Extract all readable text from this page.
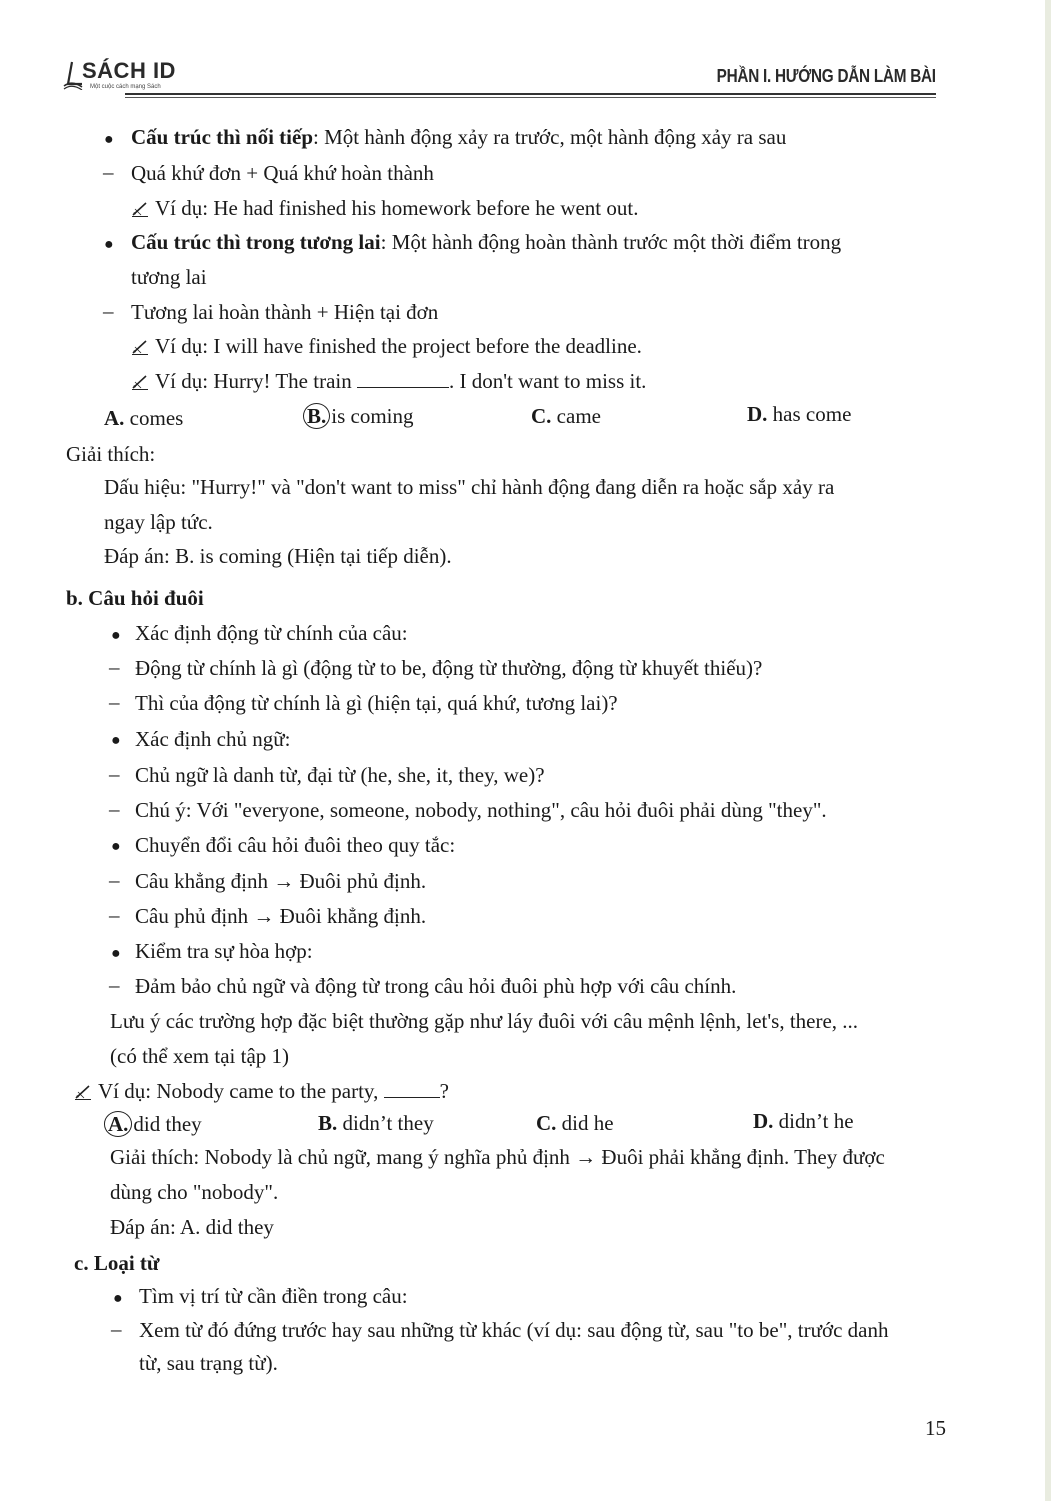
SÁCH ID
Một cuộc cách mạng Sách
PHẦN I. HƯỚNG DẪN LÀM BÀI
● Cấu trúc thì nối tiếp: Một hành động xảy ra trước, một hành động xảy ra sau
– Quá khứ đơn + Quá khứ hoàn thành
Ví dụ: He had finished his homework before he went out.
● Cấu trúc thì trong tương lai: Một hành động hoàn thành trước một thời điểm trong
tương lai
– Tương lai hoàn thành + Hiện tại đơn
Ví dụ: I will have finished the project before the deadline.
Ví dụ: Hurry! The train	. I don't want to miss it.
A. comes	B. is coming	C. came	D. has come
Giải thích:
Dấu hiệu: "Hurry!" và "don't want to miss" chỉ hành động đang diễn ra hoặc sắp xảy ra
ngay lập tức.
Đáp án: B. is coming (Hiện tại tiếp diễn).
b. Câu hỏi đuôi
● Xác định động từ chính của câu:
– Động từ chính là gì (động từ to be, động từ thường, động từ khuyết thiếu)?
– Thì của động từ chính là gì (hiện tại, quá khứ, tương lai)?
● Xác định chủ ngữ:
– Chủ ngữ là danh từ, đại từ (he, she, it, they, we)?
– Chú ý: Với "everyone, someone, nobody, nothing", câu hỏi đuôi phải dùng "they".
● Chuyển đổi câu hỏi đuôi theo quy tắc:
– Câu khẳng định → Đuôi phủ định.
– Câu phủ định → Đuôi khẳng định.
● Kiểm tra sự hòa hợp:
– Đảm bảo chủ ngữ và động từ trong câu hỏi đuôi phù hợp với câu chính.
Lưu ý các trường hợp đặc biệt thường gặp như láy đuôi với câu mệnh lệnh, let's, there, ...
(có thể xem tại tập 1)
Ví dụ: Nobody came to the party,	?
A. did they	B. didn’t they	C. did he	D. didn’t he
Giải thích: Nobody là chủ ngữ, mang ý nghĩa phủ định → Đuôi phải khẳng định. They được
dùng cho "nobody".
Đáp án: A. did they
c. Loại từ
● Tìm vị trí từ cần điền trong câu:
– Xem từ đó đứng trước hay sau những từ khác (ví dụ: sau động từ, sau "to be", trước danh
từ, sau trạng từ).
15
